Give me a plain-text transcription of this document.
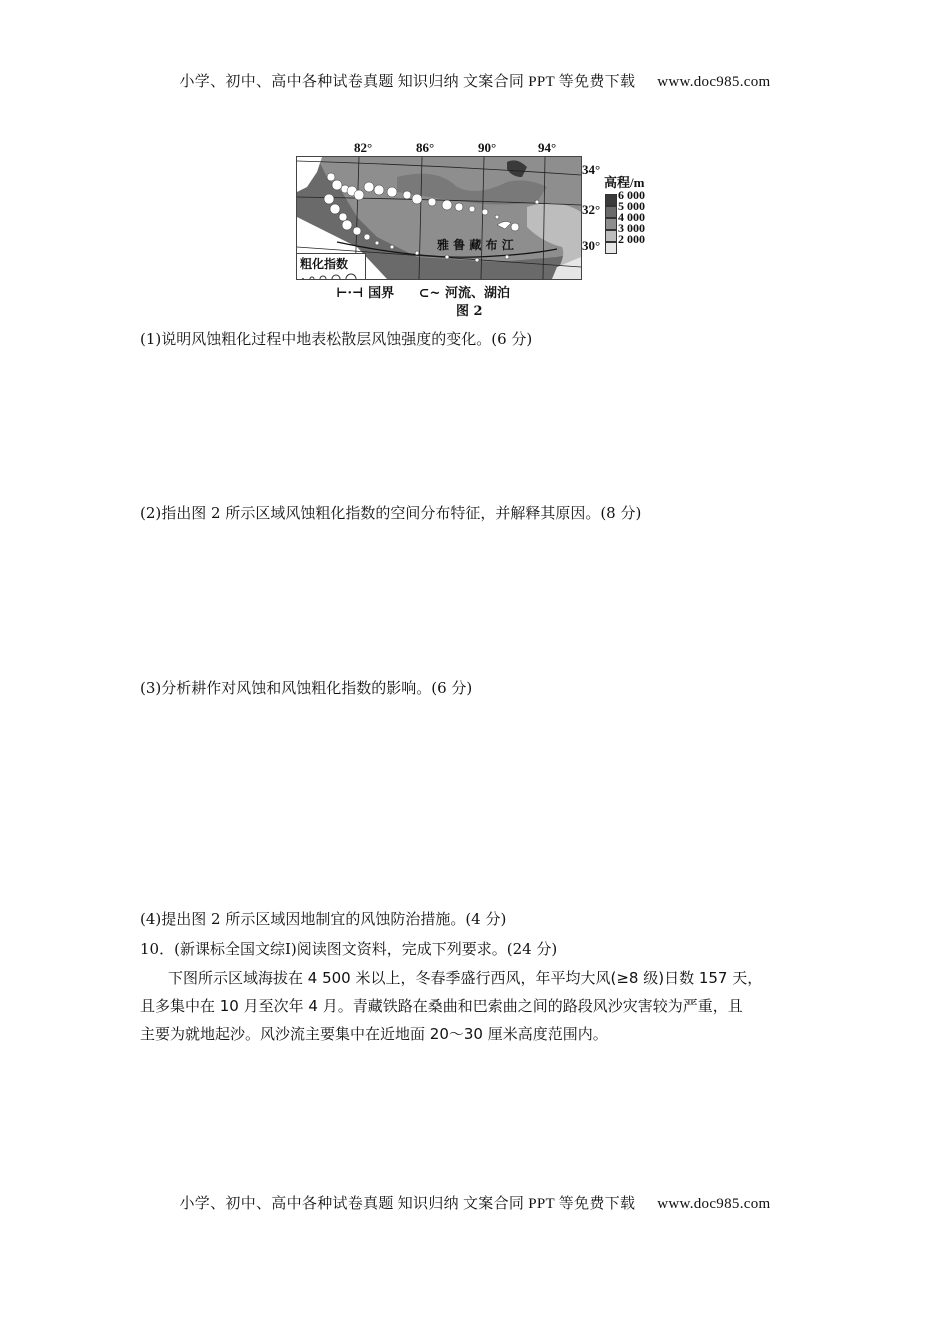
小学、初中、高中各种试卷真题 知识归纳 文案合同 PPT 等免费下载 www.doc985.com
82°	86°	90°	94°
雅 鲁 藏 布 江
粗化指数
34°
32°
30°
高程/m
6 000
5 000
4 000
3 000
2 000
⊢·⊣ 国界 ⊂~ 河流、湖泊
图 2
(1)说明风蚀粗化过程中地表松散层风蚀强度的变化。(6 分)
(2)指出图 2 所示区域风蚀粗化指数的空间分布特征，并解释其原因。(8 分)
(3)分析耕作对风蚀和风蚀粗化指数的影响。(6 分)
(4)提出图 2 所示区域因地制宜的风蚀防治措施。(4 分)
10．(新课标全国文综Ⅰ)阅读图文资料，完成下列要求。(24 分)
下图所示区域海拔在 4 500 米以上，冬春季盛行西风，年平均大风(≥8 级)日数 157 天，
且多集中在 10 月至次年 4 月。青藏铁路在桑曲和巴索曲之间的路段风沙灾害较为严重，且
主要为就地起沙。风沙流主要集中在近地面 20～30 厘米高度范围内。
小学、初中、高中各种试卷真题 知识归纳 文案合同 PPT 等免费下载 www.doc985.com
